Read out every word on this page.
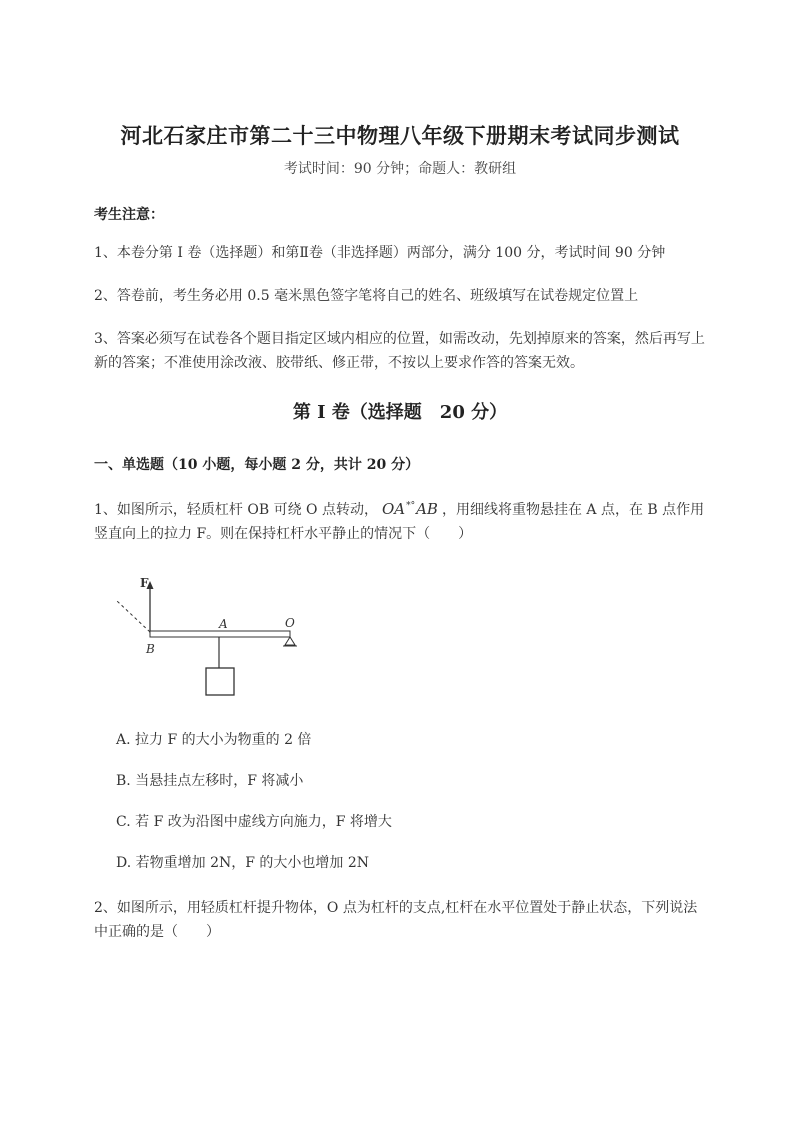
河北石家庄市第二十三中物理八年级下册期末考试同步测试
考试时间：90 分钟；命题人：教研组
考生注意：
1、本卷分第 I 卷（选择题）和第Ⅱ卷（非选择题）两部分，满分 100 分，考试时间 90 分钟
2、答卷前，考生务必用 0.5 毫米黑色签字笔将自己的姓名、班级填写在试卷规定位置上
3、答案必须写在试卷各个题目指定区域内相应的位置，如需改动，先划掉原来的答案，然后再写上新的答案；不准使用涂改液、胶带纸、修正带，不按以上要求作答的答案无效。
第 I 卷（选择题　20 分）
一、单选题（10 小题，每小题 2 分，共计 20 分）
1、如图所示，轻质杠杆 OB 可绕 O 点转动， OA*°AB ，用细线将重物悬挂在 A 点，在 B 点作用竖直向上的拉力 F。则在保持杠杆水平静止的情况下（　　）
F
B
A	O
A. 拉力 F 的大小为物重的 2 倍
B. 当悬挂点左移时，F 将减小
C. 若 F 改为沿图中虚线方向施力，F 将增大
D. 若物重增加 2N，F 的大小也增加 2N
2、如图所示，用轻质杠杆提升物体，O 点为杠杆的支点,杠杆在水平位置处于静止状态，下列说法中正确的是（　　）
